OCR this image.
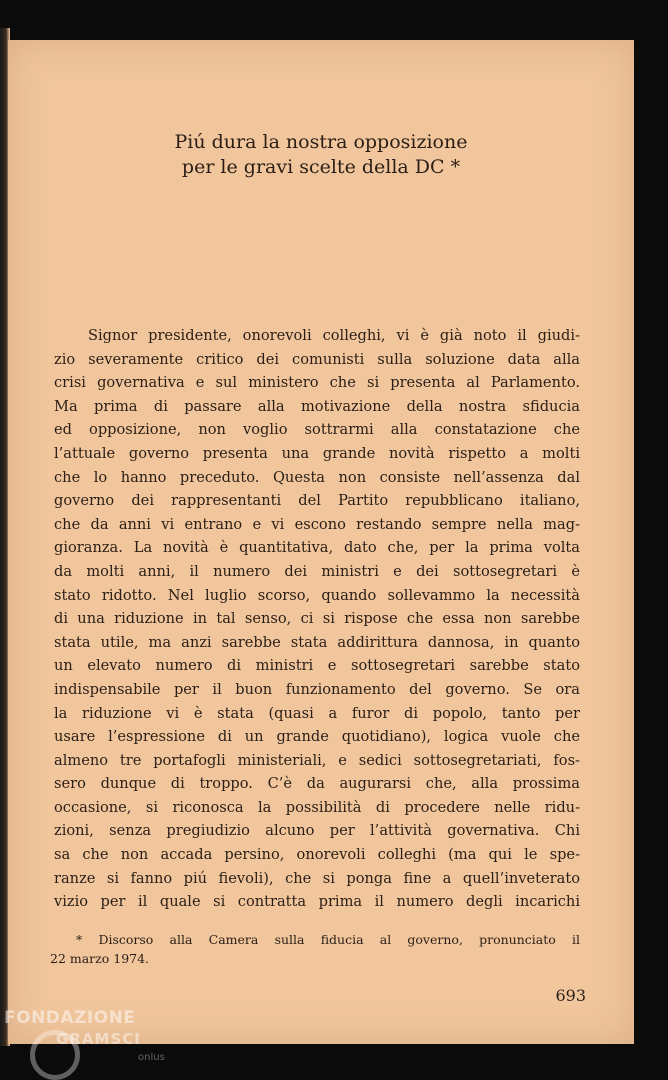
Piú dura la nostra opposizione
per le gravi scelte della DC *
Signor presidente, onorevoli colleghi, vi è già noto il giudi-
zio severamente critico dei comunisti sulla soluzione data alla
crisi governativa e sul ministero che si presenta al Parlamento.
Ma prima di passare alla motivazione della nostra sfiducia
ed opposizione, non voglio sottrarmi alla constatazione che
l’attuale governo presenta una grande novità rispetto a molti
che lo hanno preceduto. Questa non consiste nell’assenza dal
governo dei rappresentanti del Partito repubblicano italiano,
che da anni vi entrano e vi escono restando sempre nella mag-
gioranza. La novità è quantitativa, dato che, per la prima volta
da molti anni, il numero dei ministri e dei sottosegretari è
stato ridotto. Nel luglio scorso, quando sollevammo la necessità
di una riduzione in tal senso, ci si rispose che essa non sarebbe
stata utile, ma anzi sarebbe stata addirittura dannosa, in quanto
un elevato numero di ministri e sottosegretari sarebbe stato
indispensabile per il buon funzionamento del governo. Se ora
la riduzione vi è stata (quasi a furor di popolo, tanto per
usare l’espressione di un grande quotidiano), logica vuole che
almeno tre portafogli ministeriali, e sedici sottosegretariati, fos-
sero dunque di troppo. C’è da augurarsi che, alla prossima
occasione, si riconosca la possibilità di procedere nelle ridu-
zioni, senza pregiudizio alcuno per l’attività governativa. Chi
sa che non accada persino, onorevoli colleghi (ma qui le spe-
ranze si fanno piú fievoli), che si ponga fine a quell’inveterato
vizio per il quale si contratta prima il numero degli incarichi
* Discorso alla Camera sulla fiducia al governo, pronunciato il
22 marzo 1974.
693
FONDAZIONE
GRAMSCI
onlus
